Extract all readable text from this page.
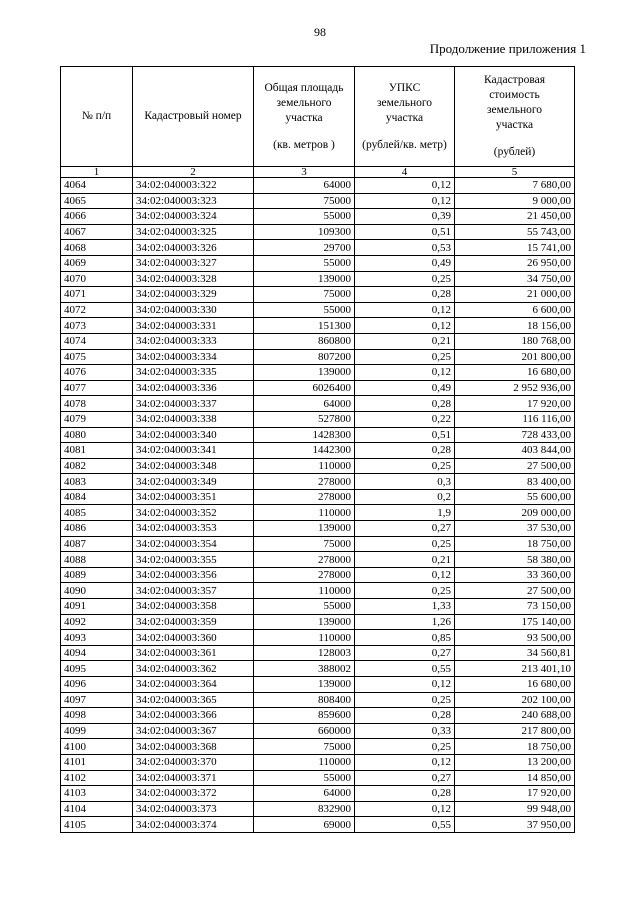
98
Продолжение приложения 1
№ п/п	Кадастровый номер	Общая площадь
земельного
участка
(кв. метров )	УПКС
земельного
участка
(рублей/кв. метр)	Кадастровая
стоимость
земельного
участка
(рублей)

1	2	3	4	5
4064	34:02:040003:322	64000	0,12	7 680,00
4065	34:02:040003:323	75000	0,12	9 000,00
4066	34:02:040003:324	55000	0,39	21 450,00
4067	34:02:040003:325	109300	0,51	55 743,00
4068	34:02:040003:326	29700	0,53	15 741,00
4069	34:02:040003:327	55000	0,49	26 950,00
4070	34:02:040003:328	139000	0,25	34 750,00
4071	34:02:040003:329	75000	0,28	21 000,00
4072	34:02:040003:330	55000	0,12	6 600,00
4073	34:02:040003:331	151300	0,12	18 156,00
4074	34:02:040003:333	860800	0,21	180 768,00
4075	34:02:040003:334	807200	0,25	201 800,00
4076	34:02:040003:335	139000	0,12	16 680,00
4077	34:02:040003:336	6026400	0,49	2 952 936,00
4078	34:02:040003:337	64000	0,28	17 920,00
4079	34:02:040003:338	527800	0,22	116 116,00
4080	34:02:040003:340	1428300	0,51	728 433,00
4081	34:02:040003:341	1442300	0,28	403 844,00
4082	34:02:040003:348	110000	0,25	27 500,00
4083	34:02:040003:349	278000	0,3	83 400,00
4084	34:02:040003:351	278000	0,2	55 600,00
4085	34:02:040003:352	110000	1,9	209 000,00
4086	34:02:040003:353	139000	0,27	37 530,00
4087	34:02:040003:354	75000	0,25	18 750,00
4088	34:02:040003:355	278000	0,21	58 380,00
4089	34:02:040003:356	278000	0,12	33 360,00
4090	34:02:040003:357	110000	0,25	27 500,00
4091	34:02:040003:358	55000	1,33	73 150,00
4092	34:02:040003:359	139000	1,26	175 140,00
4093	34:02:040003:360	110000	0,85	93 500,00
4094	34:02:040003:361	128003	0,27	34 560,81
4095	34:02:040003:362	388002	0,55	213 401,10
4096	34:02:040003:364	139000	0,12	16 680,00
4097	34:02:040003:365	808400	0,25	202 100,00
4098	34:02:040003:366	859600	0,28	240 688,00
4099	34:02:040003:367	660000	0,33	217 800,00
4100	34:02:040003:368	75000	0,25	18 750,00
4101	34:02:040003:370	110000	0,12	13 200,00
4102	34:02:040003:371	55000	0,27	14 850,00
4103	34:02:040003:372	64000	0,28	17 920,00
4104	34:02:040003:373	832900	0,12	99 948,00
4105	34:02:040003:374	69000	0,55	37 950,00
